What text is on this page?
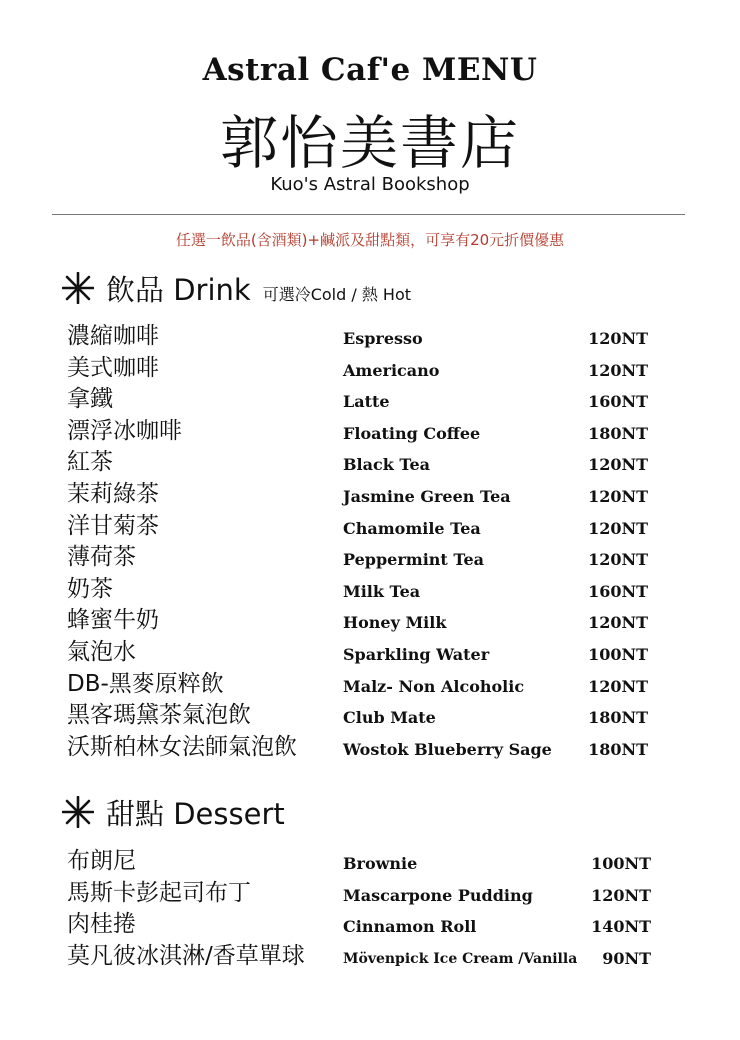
Astral Caf'e MENU
郭怡美書店
Kuo's Astral Bookshop
任選一飲品(含酒類)+鹹派及甜點類，可享有20元折價優惠
飲品 Drink 可選冷Cold / 熱 Hot
濃縮咖啡	Espresso	120NT
美式咖啡	Americano	120NT
拿鐵	Latte	160NT
漂浮冰咖啡	Floating Coffee	180NT
紅茶	Black Tea	120NT
茉莉綠茶	Jasmine Green Tea	120NT
洋甘菊茶	Chamomile Tea	120NT
薄荷茶	Peppermint Tea	120NT
奶茶	Milk Tea	160NT
蜂蜜牛奶	Honey Milk	120NT
氣泡水	Sparkling Water	100NT
DB-黑麥原粹飲	Malz- Non Alcoholic	120NT
黑客瑪黛茶氣泡飲	Club Mate	180NT
沃斯柏林女法師氣泡飲	Wostok Blueberry Sage 180NT
甜點 Dessert
布朗尼	Brownie	100NT
馬斯卡彭起司布丁	Mascarpone Pudding	120NT
肉桂捲	Cinnamon Roll	140NT
莫凡彼冰淇淋/香草單球	Mövenpick Ice Cream /Vanilla 90NT
